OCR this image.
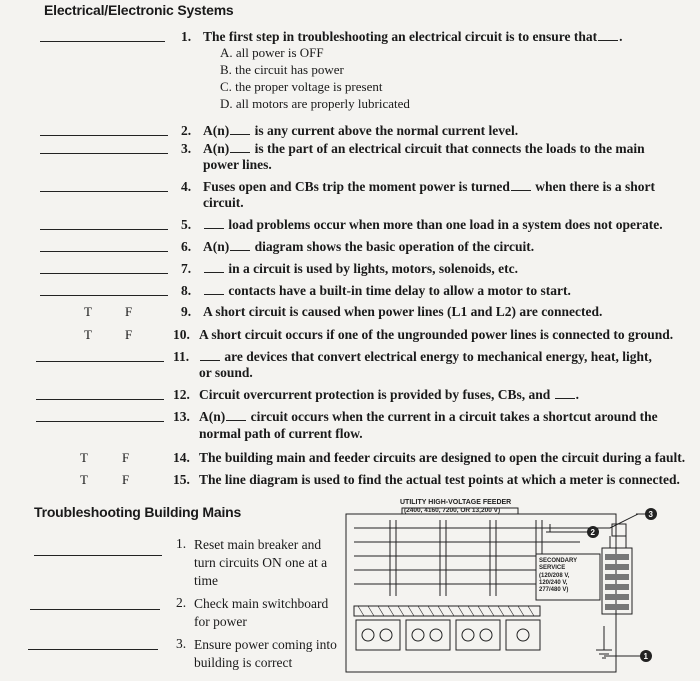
Electrical/Electronic Systems
1. The first step in troubleshooting an electrical circuit is to ensure that .
A. all power is OFF
B. the circuit has power
C. the proper voltage is present
D. all motors are properly lubricated
2. A(n) is any current above the normal current level.
3. A(n) is the part of an electrical circuit that connects the loads to the main
power lines.
4. Fuses open and CBs trip the moment power is turned when there is a short
circuit.
5.	load problems occur when more than one load in a system does not operate.
6. A(n) diagram shows the basic operation of the circuit.
7.	in a circuit is used by lights, motors, solenoids, etc.
8.	contacts have a built-in time delay to allow a motor to start.
T	F	9. A short circuit is caused when power lines (L1 and L2) are connected.
T	F	10. A short circuit occurs if one of the ungrounded power lines is connected to ground.
11.	are devices that convert electrical energy to mechanical energy, heat, light,
or sound.
12. Circuit overcurrent protection is provided by fuses, CBs, and .
13. A(n) circuit occurs when the current in a circuit takes a shortcut around the
normal path of current flow.
T	F	14. The building main and feeder circuits are designed to open the circuit during a fault.
T	F	15. The line diagram is used to find the actual test points at which a meter is connected.
Troubleshooting Building Mains
1. Reset main breaker and
turn circuits ON one at a
time
2. Check main switchboard
for power
3. Ensure power coming into
building is correct
UTILITY HIGH-VOLTAGE FEEDER
(2400, 4160, 7200, OR 13,200 V)
SECONDARY
SERVICE
(120/208 V,
120/240 V,
277/480 V)
2
3
1
